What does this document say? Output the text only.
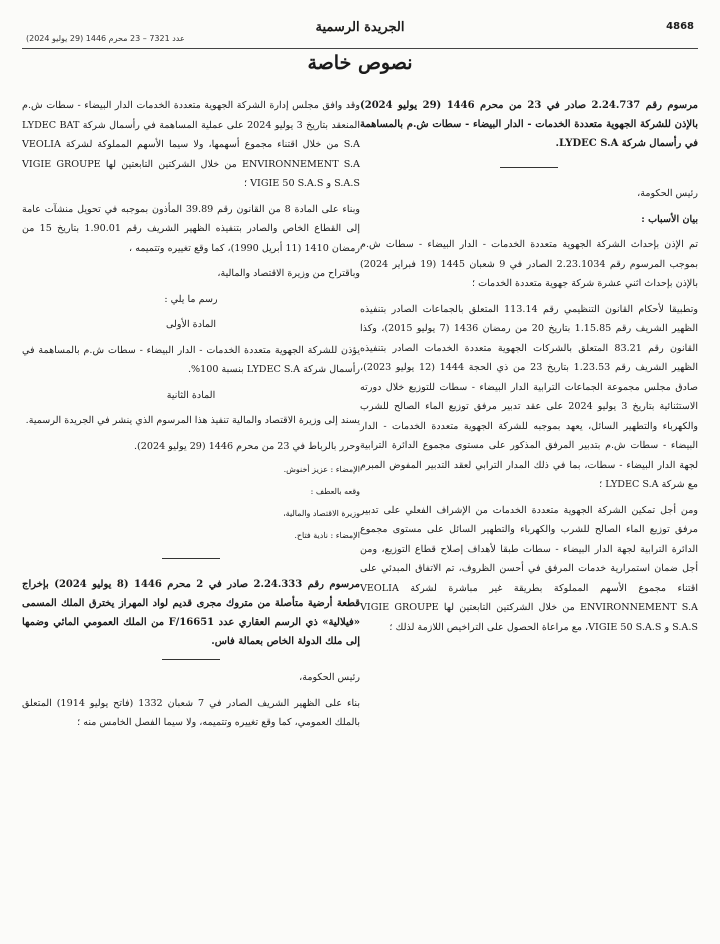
4868
الجريدة الرسمية
عدد 7321 – 23 محرم 1446 (29 يوليو 2024)
نصوص خاصة

مرسوم رقم 2.24.737 صادر في 23 من محرم 1446 (29 يوليو 2024) بالإذن للشركة الجهوية متعددة الخدمات - الدار البيضاء - سطات ش.م بالمساهمة في رأسمال شركة LYDEC S.A.

رئيس الحكومة،

بيان الأسباب :

تم الإذن بإحداث الشركة الجهوية متعددة الخدمات - الدار البيضاء - سطات ش.م بموجب المرسوم رقم 2.23.1034 الصادر في 9 شعبان 1445 (19 فبراير 2024) بالإذن بإحداث اثني عشرة شركة جهوية متعددة الخدمات ؛

وتطبيقا لأحكام القانون التنظيمي رقم 113.14 المتعلق بالجماعات الصادر بتنفيذه الظهير الشريف رقم 1.15.85 بتاريخ 20 من رمضان 1436 (7 يوليو 2015)، وكذا القانون رقم 83.21 المتعلق بالشركات الجهوية متعددة الخدمات الصادر بتنفيذه الظهير الشريف رقم 1.23.53 بتاريخ 23 من ذي الحجة 1444 (12 يوليو 2023)، صادق مجلس مجموعة الجماعات الترابية الدار البيضاء - سطات للتوزيع خلال دورته الاستثنائية بتاريخ 3 يوليو 2024 على عقد تدبير مرفق توزيع الماء الصالح للشرب والكهرباء والتطهير السائل، يعهد بموجبه للشركة الجهوية متعددة الخدمات - الدار البيضاء - سطات ش.م بتدبير المرفق المذكور على مستوى مجموع الدائرة الترابية لجهة الدار البيضاء - سطات، بما في ذلك المدار الترابي لعقد التدبير المفوض المبرم مع شركة LYDEC S.A ؛

ومن أجل تمكين الشركة الجهوية متعددة الخدمات من الإشراف الفعلي على تدبير مرفق توزيع الماء الصالح للشرب والكهرباء والتطهير السائل على مستوى مجموع الدائرة الترابية لجهة الدار البيضاء - سطات طبقا لأهداف إصلاح قطاع التوزيع، ومن أجل ضمان استمرارية خدمات المرفق في أحسن الظروف، تم الاتفاق المبدئي على اقتناء مجموع الأسهم المملوكة بطريقة غير مباشرة لشركة VEOLIA ENVIRONNEMENT S.A من خلال الشركتين التابعتين لها VIGIE GROUPE S.A.S و VIGIE 50 S.A.S، مع مراعاة الحصول على التراخيص اللازمة لذلك ؛

وقد وافق مجلس إدارة الشركة الجهوية متعددة الخدمات الدار البيضاء - سطات ش.م المنعقد بتاريخ 3 يوليو 2024 على عملية المساهمة في رأسمال شركة LYDEC BAT S.A من خلال اقتناء مجموع أسهمها، ولا سيما الأسهم المملوكة لشركة VEOLIA ENVIRONNEMENT S.A من خلال الشركتين التابعتين لها VIGIE GROUPE S.A.S و VIGIE 50 S.A.S ؛

وبناء على المادة 8 من القانون رقم 39.89 المأذون بموجبه في تحويل منشآت عامة إلى القطاع الخاص والصادر بتنفيذه الظهير الشريف رقم 1.90.01 بتاريخ 15 من رمضان 1410 (11 أبريل 1990)، كما وقع تغييره وتتميمه ،

وباقتراح من وزيرة الاقتصاد والمالية،

رسم ما يلي :

المادة الأولى

يؤذن للشركة الجهوية متعددة الخدمات - الدار البيضاء - سطات ش.م بالمساهمة في رأسمال شركة LYDEC S.A بنسبة 100%.

المادة الثانية

يسند إلى وزيرة الاقتصاد والمالية تنفيذ هذا المرسوم الذي ينشر في الجريدة الرسمية.

وحرر بالرباط في 23 من محرم 1446 (29 يوليو 2024).

الإمضاء : عزيز أخنوش.

وقعه بالعطف :

وزيرة الاقتصاد والمالية،

الإمضاء : نادية فتاح.

مرسوم رقم 2.24.333 صادر في 2 محرم 1446 (8 يوليو 2024) بإخراج قطعة أرضية متأصلة من متروك مجرى قديم لواد المهراز يخترق الملك المسمى «فيلالية» ذي الرسم العقاري عدد F/16651 من الملك العمومي المائي وضمها إلى ملك الدولة الخاص بعمالة فاس.

رئيس الحكومة،

بناء على الظهير الشريف الصادر في 7 شعبان 1332 (فاتح يوليو 1914) المتعلق بالملك العمومي، كما وقع تغييره وتتميمه، ولا سيما الفصل الخامس منه ؛
